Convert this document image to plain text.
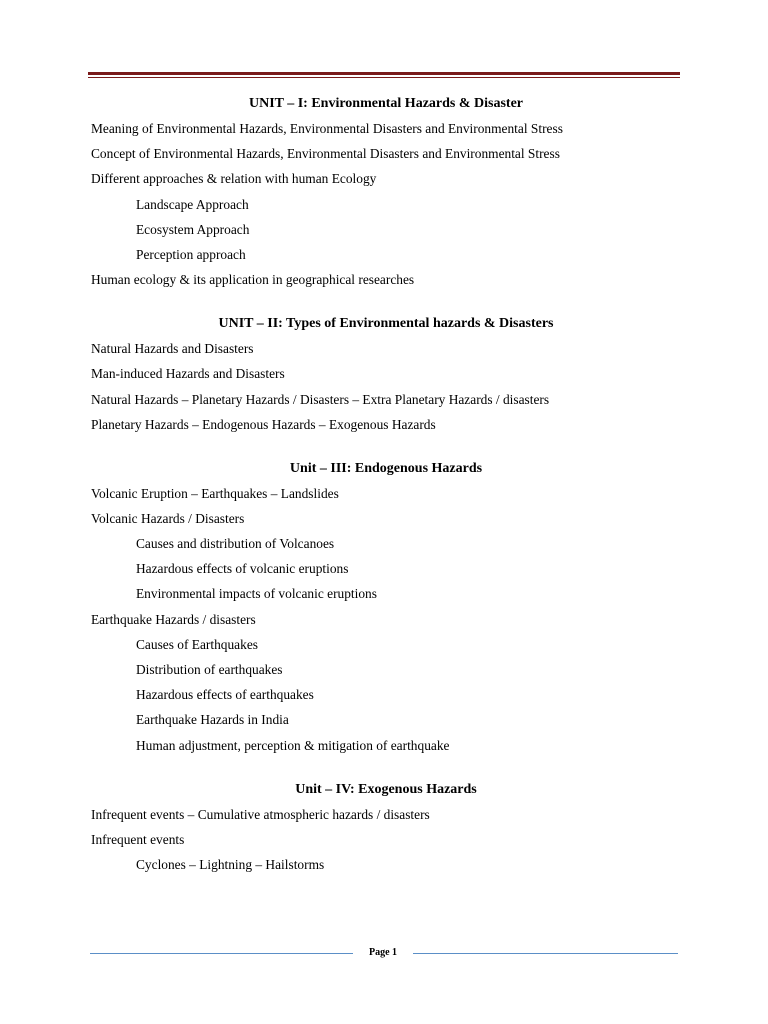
UNIT – I: Environmental Hazards & Disaster
Meaning of Environmental Hazards, Environmental Disasters and Environmental Stress
Concept of Environmental Hazards, Environmental Disasters and Environmental Stress
Different approaches & relation with human Ecology
Landscape Approach
Ecosystem Approach
Perception approach
Human ecology & its application in geographical researches
UNIT – II: Types of Environmental hazards & Disasters
Natural Hazards and Disasters
Man-induced Hazards and Disasters
Natural Hazards – Planetary Hazards / Disasters – Extra Planetary Hazards / disasters
Planetary Hazards – Endogenous Hazards – Exogenous Hazards
Unit – III: Endogenous Hazards
Volcanic Eruption – Earthquakes – Landslides
Volcanic Hazards / Disasters
Causes and distribution of Volcanoes
Hazardous effects of volcanic eruptions
Environmental impacts of volcanic eruptions
Earthquake Hazards / disasters
Causes of Earthquakes
Distribution of earthquakes
Hazardous effects of earthquakes
Earthquake Hazards in India
Human adjustment, perception & mitigation of earthquake
Unit – IV: Exogenous Hazards
Infrequent events – Cumulative atmospheric hazards / disasters
Infrequent events
Cyclones – Lightning – Hailstorms
Page 1
